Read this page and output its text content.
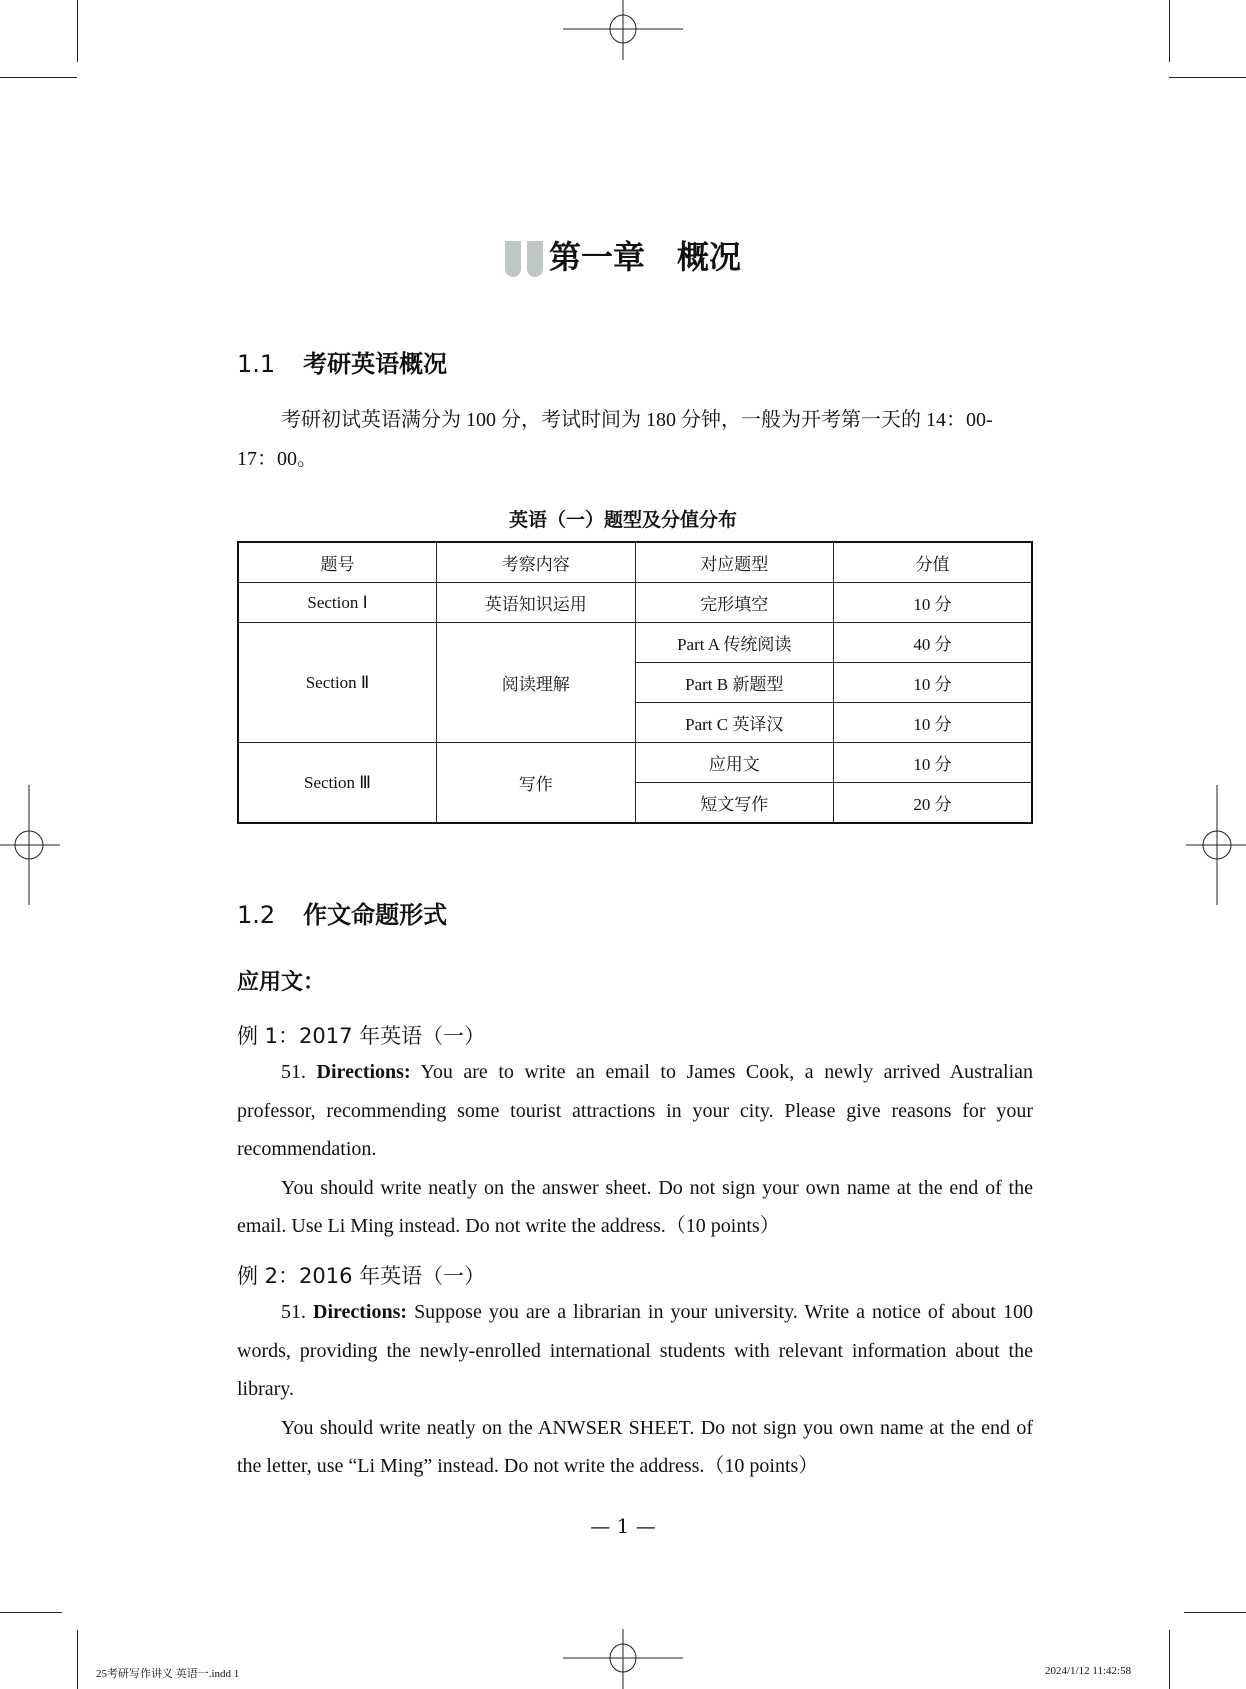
第一章　概况
1.1 考研英语概况
考研初试英语满分为 100 分，考试时间为 180 分钟，一般为开考第一天的 14：00-
17：00。
英语（一）题型及分值分布
题号	考察内容	对应题型	分值
Section Ⅰ	英语知识运用	完形填空	10 分
Section Ⅱ	阅读理解	Part A 传统阅读	40 分
		Part B 新题型	10 分
		Part C 英译汉	10 分
Section Ⅲ	写作	应用文	10 分
		短文写作	20 分
1.2 作文命题形式
应用文：
例 1：2017 年英语（一）
51. Directions: You are to write an email to James Cook, a newly arrived Australian professor, recommending some tourist attractions in your city. Please give reasons for your recommendation.
You should write neatly on the answer sheet. Do not sign your own name at the end of the email. Use Li Ming instead. Do not write the address.（10 points）
例 2：2016 年英语（一）
51. Directions: Suppose you are a librarian in your university. Write a notice of about 100 words, providing the newly-enrolled international students with relevant information about the library.
You should write neatly on the ANWSER SHEET. Do not sign you own name at the end of the letter, use “Li Ming” instead. Do not write the address.（10 points）
— 1 —
25考研写作讲义 英语一.indd 1	2024/1/12 11:42:58
